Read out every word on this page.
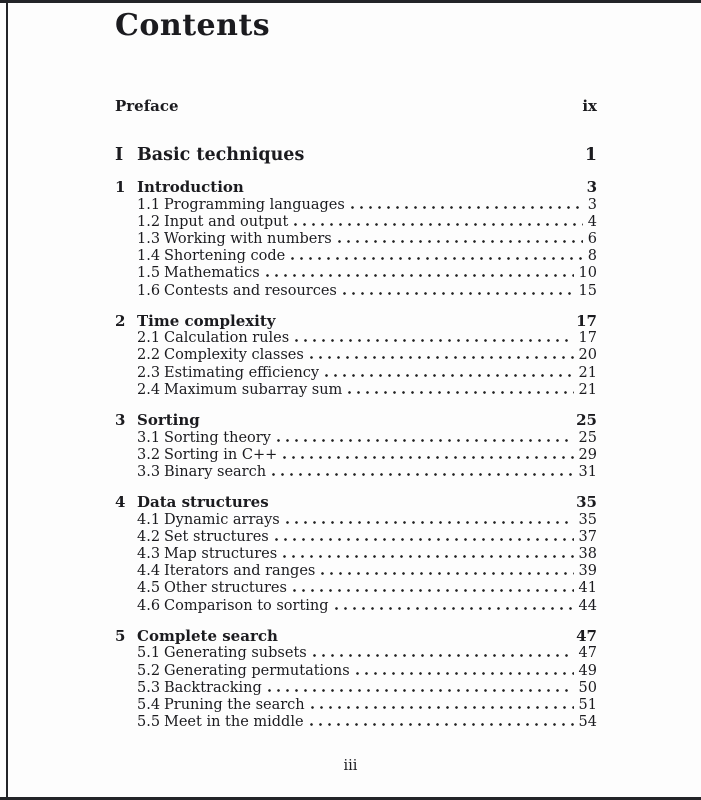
Contents
Preface	ix
I Basic techniques	1
1 Introduction	3
1.1 Programming languages	3
1.2 Input and output	4
1.3 Working with numbers	6
1.4 Shortening code	8
1.5 Mathematics	10
1.6 Contests and resources	15
2 Time complexity	17
2.1 Calculation rules	17
2.2 Complexity classes	20
2.3 Estimating efficiency	21
2.4 Maximum subarray sum	21
3 Sorting	25
3.1 Sorting theory	25
3.2 Sorting in C++	29
3.3 Binary search	31
4 Data structures	35
4.1 Dynamic arrays	35
4.2 Set structures	37
4.3 Map structures	38
4.4 Iterators and ranges	39
4.5 Other structures	41
4.6 Comparison to sorting	44
5 Complete search	47
5.1 Generating subsets	47
5.2 Generating permutations	49
5.3 Backtracking	50
5.4 Pruning the search	51
5.5 Meet in the middle	54
iii
